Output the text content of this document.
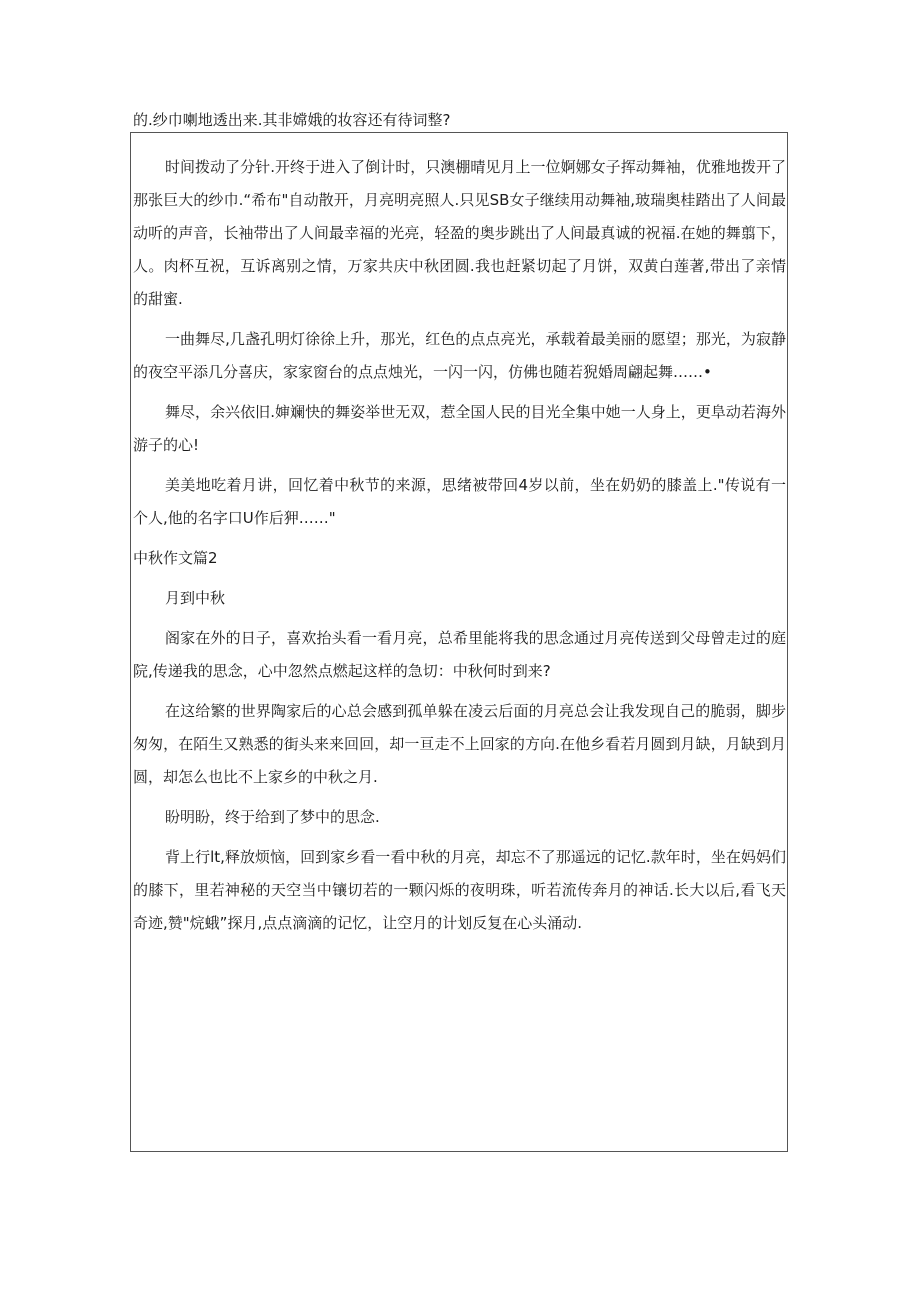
的.纱巾喇地透出来.其非嫦娥的妆容还有待词整?

时间拨动了分针.开终于进入了倒计时，只澳棚晴见月上一位婀娜女子挥动舞袖，优雅地拨开了那张巨大的纱巾.“希布"自动散开，月亮明亮照人.只见SB女子继续用动舞袖,玻瑞奥桂踏出了人间最动听的声音，长袖带出了人间最幸福的光亮，轻盈的奥步跳出了人间最真诚的祝福.在她的舞翦下，人。肉杯互祝，互诉离别之情，万家共庆中秋团圆.我也赶紧切起了月饼，双黄白莲著,带出了亲情的甜蜜.

一曲舞尽,几盏孔明灯徐徐上升，那光，红色的点点亮光，承载着最美丽的愿望；那光，为寂静的夜空平添几分喜庆，家家窗台的点点烛光，一闪一闪，仿佛也随若猊婚周翩起舞……•

舞尽，余兴依旧.婶斓快的舞姿举世无双，惹全国人民的目光全集中她一人身上，更阜动若海外游子的心!

美美地吃着月讲，回忆着中秋节的来源，思绪被带回4岁以前，坐在奶奶的膝盖上."传说有一个人,他的名字口U作后狎……"

中秋作文篇2
月到中秋

阁家在外的日子，喜欢抬头看一看月亮，总希里能将我的思念通过月亮传送到父母曾走过的庭院,传递我的思念，心中忽然点燃起这样的急切：中秋何时到来?

在这给繁的世界陶家后的心总会感到孤单躲在凌云后面的月亮总会让我发现自己的脆弱，脚步匆匆，在陌生又熟悉的街头来来回回，却一亘走不上回家的方向.在他乡看若月圆到月缺，月缺到月圆，却怎么也比不上家乡的中秋之月.

盼明盼，终于给到了梦中的思念.

背上行lt,释放烦恼，回到家乡看一看中秋的月亮，却忘不了那遥远的记忆.款年时，坐在妈妈们的膝下，里若神秘的天空当中镶切若的一颗闪烁的夜明珠，听若流传奔月的神话.长大以后,看飞天奇迹,赞"烷蛾”探月,点点滴滴的记忆，让空月的计划反复在心头涌动.
